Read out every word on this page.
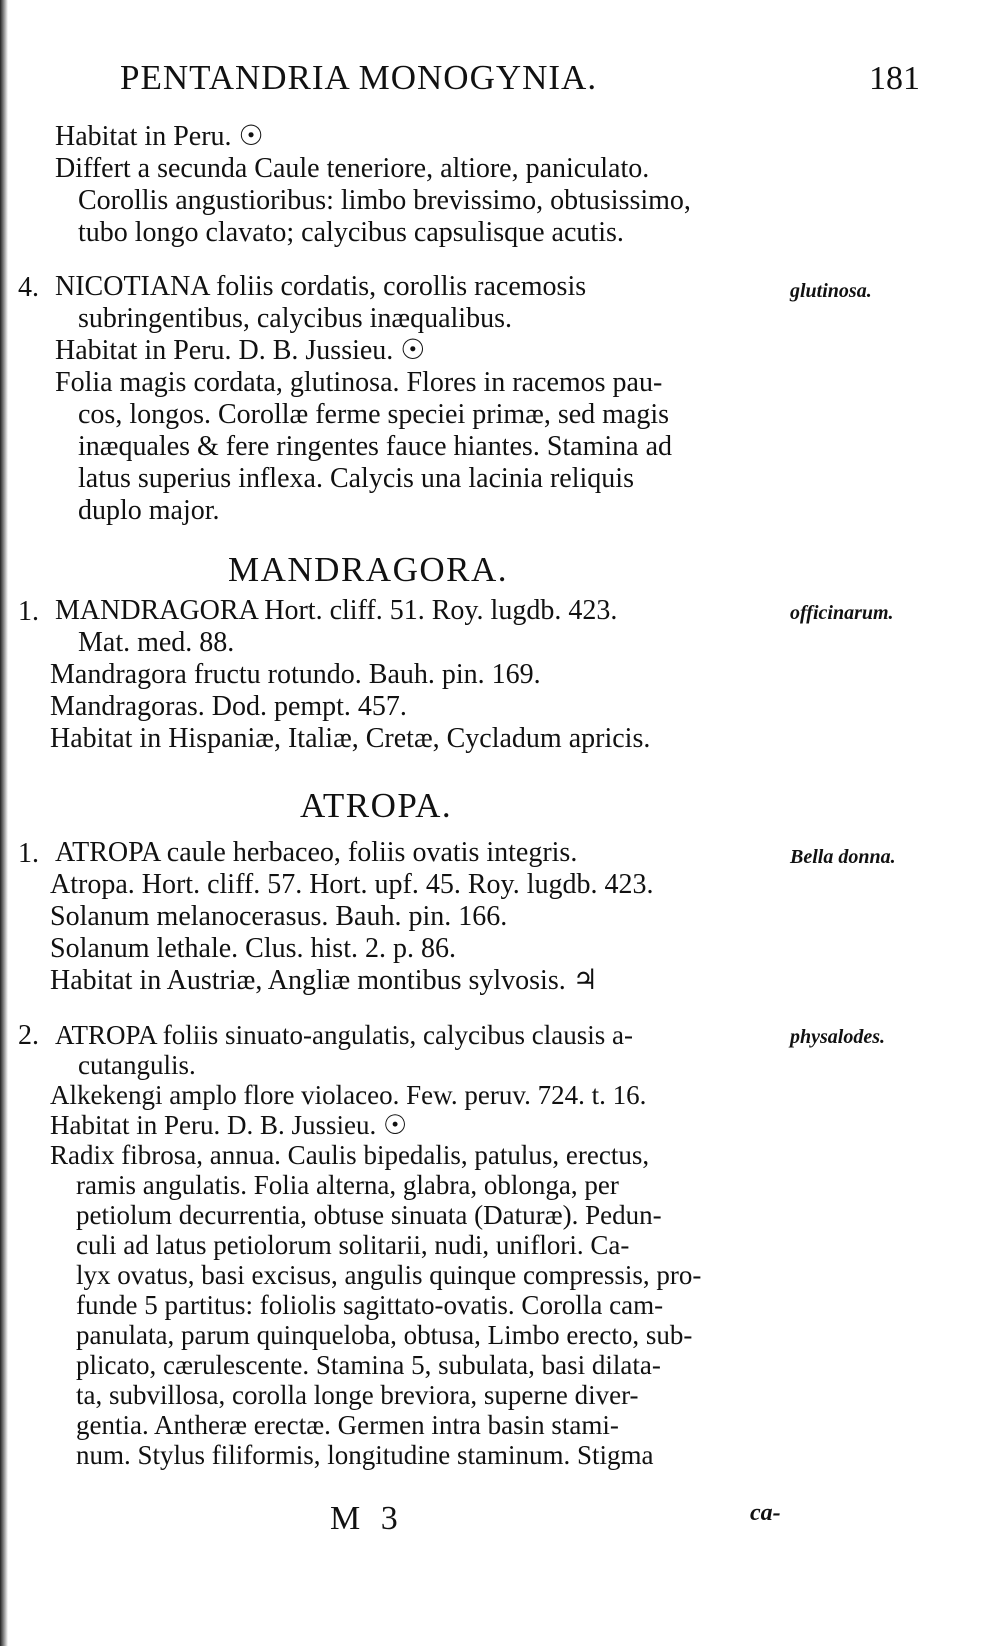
PENTANDRIA MONOGYNIA.	181
Habitat in Peru. ☉
Differt a secunda Caule teneriore, altiore, paniculato.
Corollis angustioribus: limbo brevissimo, obtusissimo,
tubo longo clavato; calycibus capsulisque acutis.
4.	glutinosa.
NICOTIANA foliis cordatis, corollis racemosis
subringentibus, calycibus inæqualibus.
Habitat in Peru. D. B. Jussieu. ☉
Folia magis cordata, glutinosa. Flores in racemos pau-
cos, longos. Corollæ ferme speciei primæ, sed magis
inæquales & fere ringentes fauce hiantes. Stamina ad
latus superius inflexa. Calycis una lacinia reliquis
duplo major.
MANDRAGORA.
1.	officinarum.
MANDRAGORA Hort. cliff. 51. Roy. lugdb. 423.
Mat. med. 88.
Mandragora fructu rotundo. Bauh. pin. 169.
Mandragoras. Dod. pempt. 457.
Habitat in Hispaniæ, Italiæ, Cretæ, Cycladum apricis.
ATROPA.
1.	Bella donna.
ATROPA caule herbaceo, foliis ovatis integris.
Atropa. Hort. cliff. 57. Hort. upf. 45. Roy. lugdb. 423.
Solanum melanocerasus. Bauh. pin. 166.
Solanum lethale. Clus. hist. 2. p. 86.
Habitat in Austriæ, Angliæ montibus sylvosis. ♃
2.	physalodes.
ATROPA foliis sinuato-angulatis, calycibus clausis a-
cutangulis.
Alkekengi amplo flore violaceo. Few. peruv. 724. t. 16.
Habitat in Peru. D. B. Jussieu. ☉
Radix fibrosa, annua. Caulis bipedalis, patulus, erectus,
ramis angulatis. Folia alterna, glabra, oblonga, per
petiolum decurrentia, obtuse sinuata (Daturæ). Pedun-
culi ad latus petiolorum solitarii, nudi, uniflori. Ca-
lyx ovatus, basi excisus, angulis quinque compressis, pro-
funde 5 partitus: foliolis sagittato-ovatis. Corolla cam-
panulata, parum quinqueloba, obtusa, Limbo erecto, sub-
plicato, cærulescente. Stamina 5, subulata, basi dilata-
ta, subvillosa, corolla longe breviora, superne diver-
gentia. Antheræ erectæ. Germen intra basin stami-
num. Stylus filiformis, longitudine staminum. Stigma
M 3	ca-
